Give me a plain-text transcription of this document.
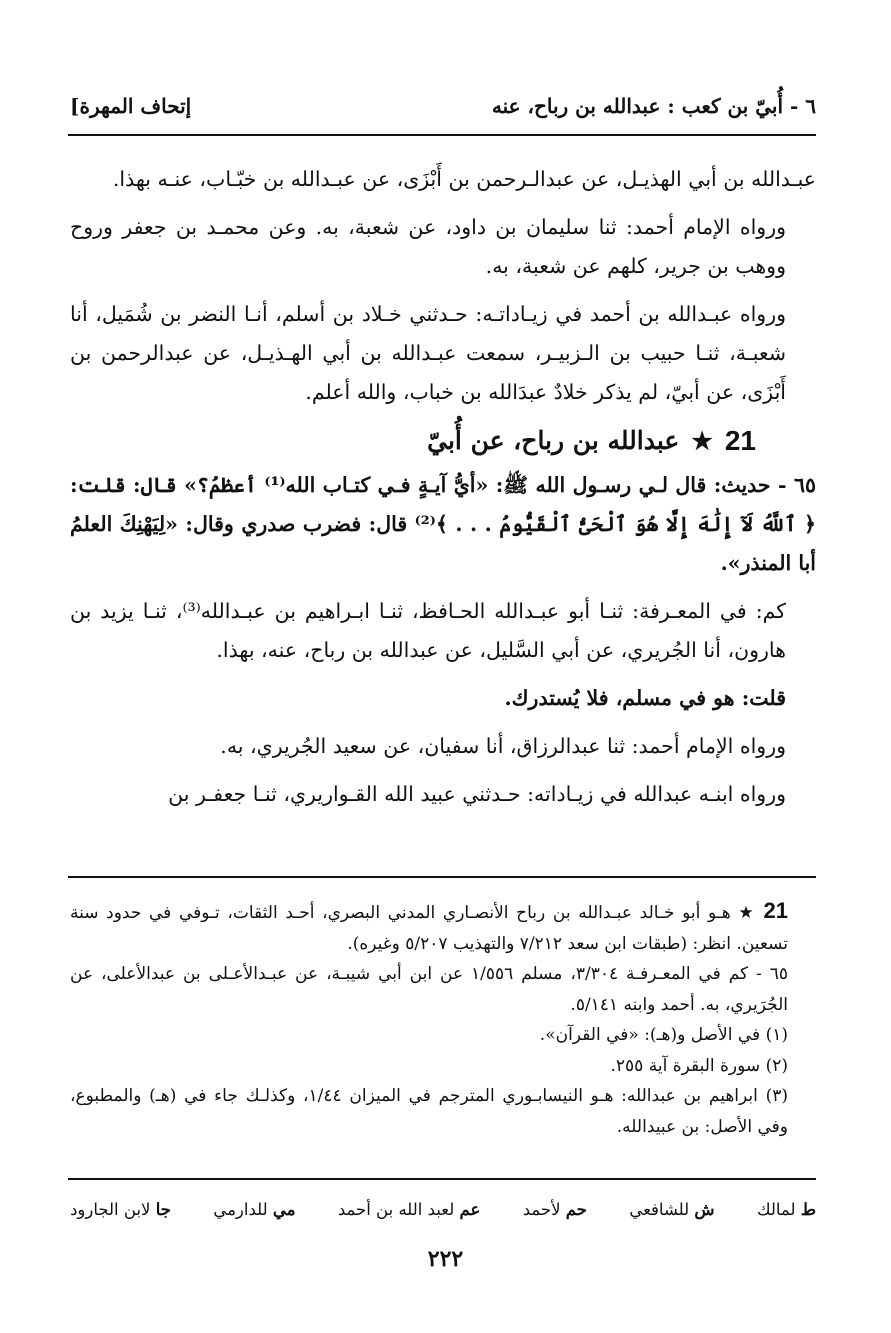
٦ - أُبيّ بن كعب : عبدالله بن رباح، عنه
[إتحاف المهرة

عبـدالله بن أبي الهذيـل، عن عبدالـرحمن بن أَبْزَى، عن عبـدالله بن خبّـاب، عنـه بهذا.

ورواه الإمام أحمد: ثنا سليمان بن داود، عن شعبة، به. وعن محمـد بن جعفر وروح ووهب بن جرير، كلهم عن شعبة، به.

ورواه عبـدالله بن أحمد في زيـاداتـه: حـدثني خـلاد بن أسلم، أنـا النضر بن شُمَيل، أنا شعبـة، ثنـا حبيب بن الـزبيـر، سمعت عبـدالله بن أبي الهـذيـل، عن عبدالرحمن بن أَبْزَى، عن أبيّ، لم يذكر خلادٌ عبدَالله بن خباب، والله أعلم.

21
★
عبدالله بن رباح، عن أُبيّ

٦٥ - حديث: قال لـي رسـول الله ﷺ: «أيُّ آيـةٍ فـي كتـاب الله⁽¹⁾ أعظمُ؟» قال: قلت: ﴿ ٱللَّهُ لَآ إِلَٰهَ إِلَّا هُوَ ٱلْحَىُّ ٱلْقَيُّومُ . . . ﴾⁽²⁾ قال: فضرب صدري وقال: «لِيَهْنِكَ العلمُ أبا المنذر».

كم: في المعـرفة: ثنـا أبو عبـدالله الحـافظ، ثنـا ابـراهيم بن عبـدالله⁽³⁾، ثنـا يزيد بن هارون، أنا الجُريري، عن أبي السَّليل، عن عبدالله بن رباح، عنه، بهذا.

قلت: هو في مسلم، فلا يُستدرك.

ورواه الإمام أحمد: ثنا عبدالرزاق، أنا سفيان، عن سعيد الجُريري، به.

ورواه ابنـه عبدالله في زيـاداته: حـدثني عبيد الله القـواريري، ثنـا جعفـر بن

21 ★ هـو أبو خـالد عبـدالله بن رباح الأنصـاري المدني البصري، أحـد الثقات، تـوفي في حدود سنة تسعين. انظر: (طبقات ابن سعد ٧/٢١٢ والتهذيب ٥/٢٠٧ وغيره).

٦٥ - كم في المعـرفـة ٣/٣٠٤، مسلم ١/٥٥٦ عن ابن أبي شيبـة، عن عبـدالأعـلى بن عبدالأعلى، عن الجُرَيري، به. أحمد وابنه ٥/١٤١.

(١) في الأصل و(هـ): «في القرآن».

(٢) سورة البقرة آية ٢٥٥.

(٣) ابراهيم بن عبدالله: هـو النيسابـوري المترجم في الميزان ١/٤٤، وكذلـك جاء في (هـ) والمطبوع، وفي الأصل: بن عبيدالله.

ط لمالك
ش للشافعي
حم لأحمد
عم لعبد الله بن أحمد
مي للدارمي
جا لابن الجارود
٢٢٢
